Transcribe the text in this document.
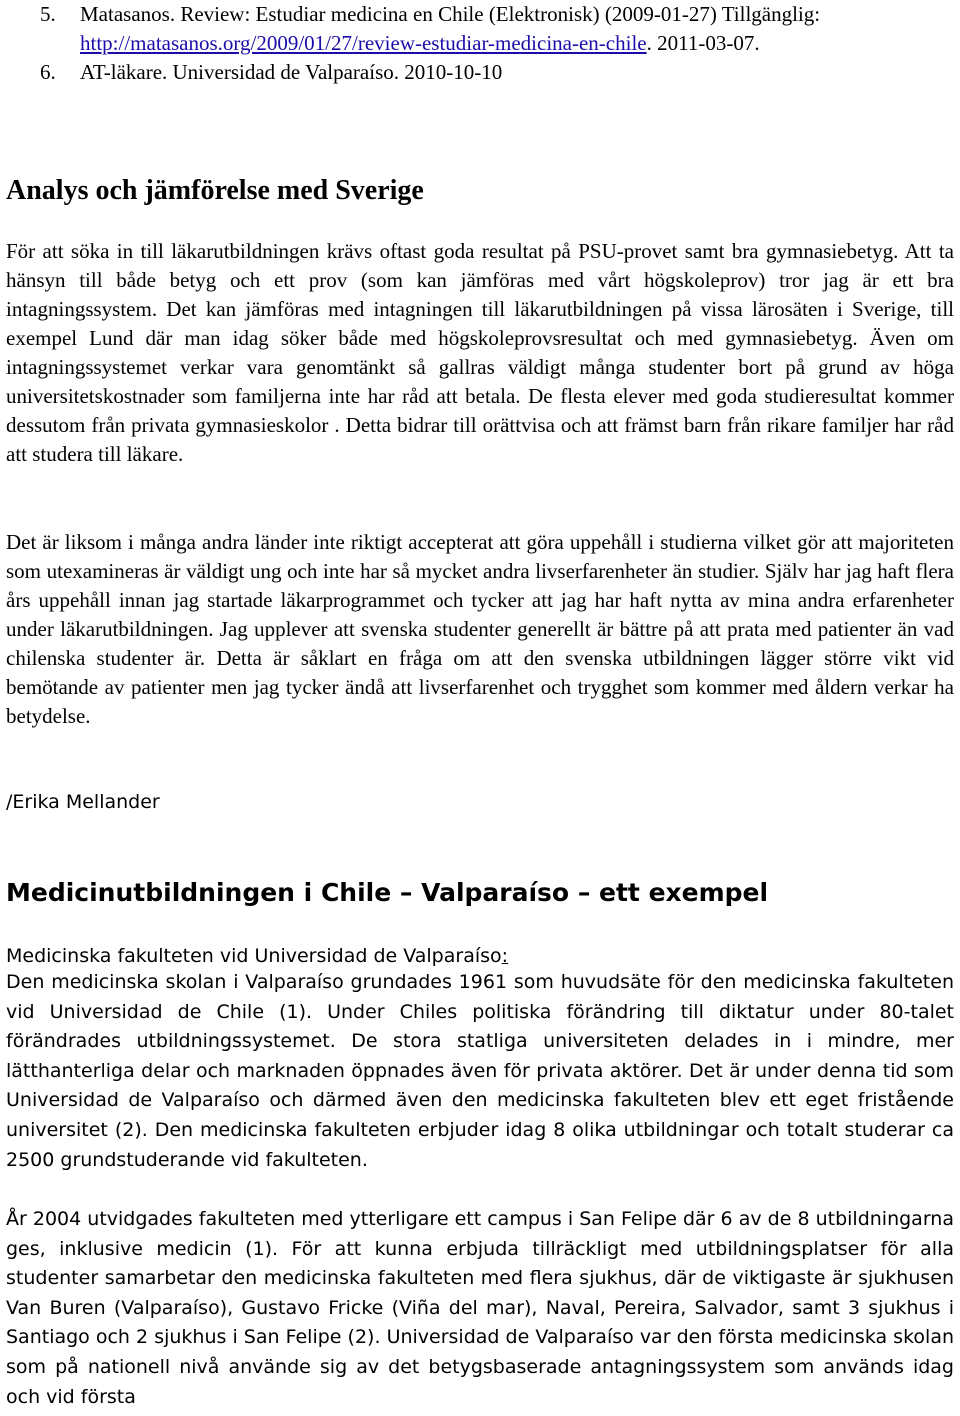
5. Matasanos. Review: Estudiar medicina en Chile (Elektronisk) (2009-01-27) Tillgänglig: http://matasanos.org/2009/01/27/review-estudiar-medicina-en-chile. 2011-03-07.

6. AT-läkare. Universidad de Valparaíso. 2010-10-10

Analys och jämförelse med Sverige

För att söka in till läkarutbildningen krävs oftast goda resultat på PSU-provet samt bra gymnasiebetyg. Att ta hänsyn till både betyg och ett prov (som kan jämföras med vårt högskoleprov) tror jag är ett bra intagningssystem. Det kan jämföras med intagningen till läkarutbildningen på vissa lärosäten i Sverige, till exempel Lund där man idag söker både med högskoleprovsresultat och med gymnasiebetyg. Även om intagningssystemet verkar vara genomtänkt så gallras väldigt många studenter bort på grund av höga universitetskostnader som familjerna inte har råd att betala. De flesta elever med goda studieresultat kommer dessutom från privata gymnasieskolor . Detta bidrar till orättvisa och att främst barn från rikare familjer har råd att studera till läkare.

Det är liksom i många andra länder inte riktigt accepterat att göra uppehåll i studierna vilket gör att majoriteten som utexamineras är väldigt ung och inte har så mycket andra livserfarenheter än studier. Själv har jag haft flera års uppehåll innan jag startade läkarprogrammet och tycker att jag har haft nytta av mina andra erfarenheter under läkarutbildningen. Jag upplever att svenska studenter generellt är bättre på att prata med patienter än vad chilenska studenter är. Detta är såklart en fråga om att den svenska utbildningen lägger större vikt vid bemötande av patienter men jag tycker ändå att livserfarenhet och trygghet som kommer med åldern verkar ha betydelse.

/Erika Mellander

Medicinutbildningen i Chile – Valparaíso – ett exempel
Medicinska fakulteten vid Universidad de Valparaíso:

Den medicinska skolan i Valparaíso grundades 1961 som huvudsäte för den medicinska fakulteten vid Universidad de Chile (1). Under Chiles politiska förändring till diktatur under 80-talet förändrades utbildningssystemet. De stora statliga universiteten delades in i mindre, mer lätthanterliga delar och marknaden öppnades även för privata aktörer. Det är under denna tid som Universidad de Valparaíso och därmed även den medicinska fakulteten blev ett eget fristående universitet (2). Den medicinska fakulteten erbjuder idag 8 olika utbildningar och totalt studerar ca 2500 grundstuderande vid fakulteten.

År 2004 utvidgades fakulteten med ytterligare ett campus i San Felipe där 6 av de 8 utbildningarna ges, inklusive medicin (1). För att kunna erbjuda tillräckligt med utbildningsplatser för alla studenter samarbetar den medicinska fakulteten med flera sjukhus, där de viktigaste är sjukhusen Van Buren (Valparaíso), Gustavo Fricke (Viña del mar), Naval, Pereira, Salvador, samt 3 sjukhus i Santiago och 2 sjukhus i San Felipe (2). Universidad de Valparaíso var den första medicinska skolan som på nationell nivå använde sig av det betygsbaserade antagningssystem som används idag och vid första
